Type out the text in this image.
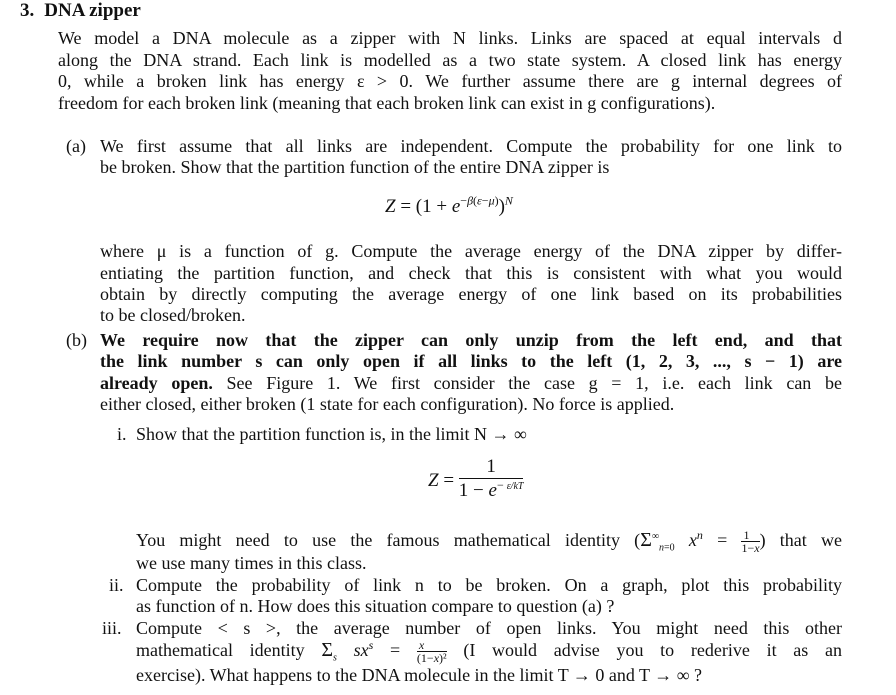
3. DNA zipper
We model a DNA molecule as a zipper with N links. Links are spaced at equal intervals d
along the DNA strand. Each link is modelled as a two state system. A closed link has energy
0, while a broken link has energy ε > 0. We further assume there are g internal degrees of
freedom for each broken link (meaning that each broken link can exist in g configurations).
(a) We first assume that all links are independent. Compute the probability for one link to
be broken. Show that the partition function of the entire DNA zipper is
$Z = (1 + e^{-\beta(\varepsilon-\mu)})^N$
where μ is a function of g. Compute the average energy of the DNA zipper by differ-
entiating the partition function, and check that this is consistent with what you would
obtain by directly computing the average energy of one link based on its probabilities
to be closed/broken.
(b) We require now that the zipper can only unzip from the left end, and that
the link number s can only open if all links to the left (1, 2, 3, ..., s − 1) are
already open. See Figure 1. We first consider the case g = 1, i.e. each link can be
either closed, either broken (1 state for each configuration). No force is applied.
i. Show that the partition function is, in the limit N → ∞
$Z = \frac{1}{1 - e^{- \varepsilon/kT}}$
You might need to use the famous mathematical identity ($\Sigma^\infty_{n=0}$ $x^n = \frac{1}{1-x}$ ) that we
we use many times in this class.
ii. Compute the probability of link n to be broken. On a graph, plot this probability
as function of n. How does this situation compare to question (a) ?
iii. Compute < s >, the average number of open links. You might need this other
mathematical identity $\Sigma_s$ $sx^s = \frac{x}{\text{(1−x)²}} (I$ would advise you to rederive it as an
exercise). What happens to the DNA molecule in the limit T → 0 and T → ∞ ?
